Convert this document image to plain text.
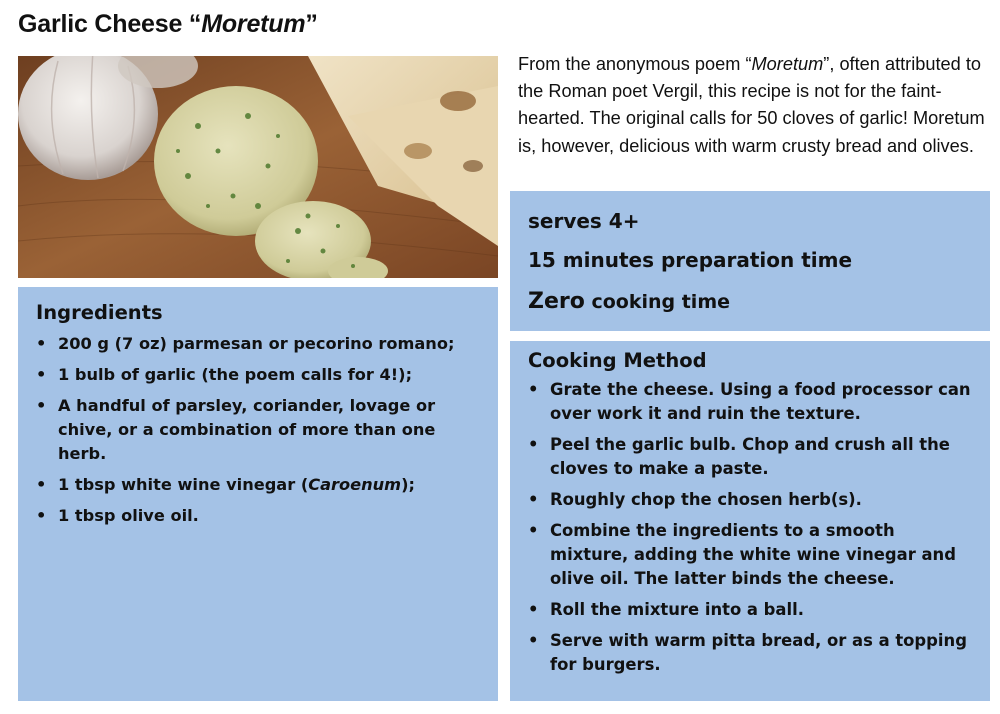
Garlic Cheese “Moretum”

From the anonymous poem “Moretum”, often attributed to the Roman poet Vergil, this recipe is not for the faint-hearted. The original calls for 50 cloves of garlic! Moretum is, however, delicious with warm crusty bread and olives.

serves 4+

15 minutes preparation time

Zero cooking time

Ingredients
• 200 g (7 oz) parmesan or pecorino romano;
• 1 bulb of garlic (the poem calls for 4!);
• A handful of parsley, coriander, lovage or chive, or a combination of more than one herb.
• 1 tbsp white wine vinegar (Caroenum);
• 1 tbsp olive oil.
Cooking Method
• Grate the cheese. Using a food processor can over work it and ruin the texture.
• Peel the garlic bulb. Chop and crush all the cloves to make a paste.
• Roughly chop the chosen herb(s).
• Combine the ingredients to a smooth mixture, adding the white wine vinegar and olive oil. The latter binds the cheese.
• Roll the mixture into a ball.
• Serve with warm pitta bread, or as a topping for burgers.
